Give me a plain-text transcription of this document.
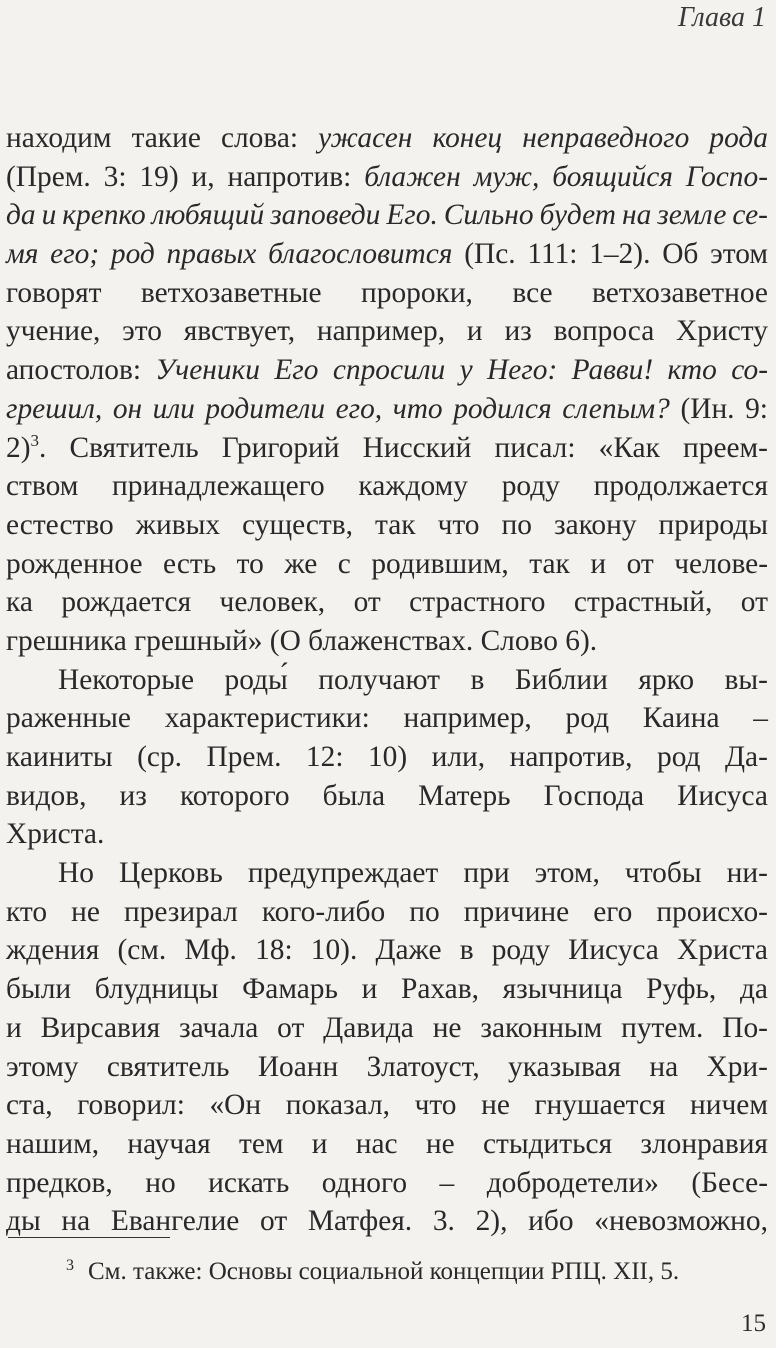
Глава 1
находим такие слова: ужасен конец неправедного рода
(Прем. 3: 19) и, напротив: блажен муж, боящийся Госпо-
да и крепко любящий заповеди Его. Сильно будет на земле се-
мя его; род правых благословится (Пс. 111: 1–2). Об этом
говорят ветхозаветные пророки, все ветхозаветное
учение, это явствует, например, и из вопроса Христу
апостолов: Ученики Его спросили у Него: Равви! кто со-
грешил, он или родители его, что родился слепым? (Ин. 9:
2)$^3$. Святитель Григорий Нисский писал: «Как преем-
ством принадлежащего каждому роду продолжается
естество живых существ, так что по закону природы
рожденное есть то же с родившим, так и от челове-
ка рождается человек, от страстного страстный, от
грешника грешный» (О блаженствах. Слово 6).
Некоторые роды́ получают в Библии ярко вы-
раженные характеристики: например, род Каина –
каиниты (ср. Прем. 12: 10) или, напротив, род Да-
видов, из которого была Матерь Господа Иисуса
Христа.
Но Церковь предупреждает при этом, чтобы ни-
кто не презирал кого-либо по причине его происхо-
ждения (см. Мф. 18: 10). Даже в роду Иисуса Христа
были блудницы Фамарь и Рахав, язычница Руфь, да
и Вирсавия зачала от Давида не законным путем. По-
этому святитель Иоанн Златоуст, указывая на Хри-
ста, говорил: «Он показал, что не гнушается ничем
нашим, научая тем и нас не стыдиться злонравия
предков, но искать одного – добродетели» (Бесе-
ды на Евангелие от Матфея. 3. 2), ибо «невозможно,
$^3$ См. также: Основы социальной концепции РПЦ. XII, 5.
15
